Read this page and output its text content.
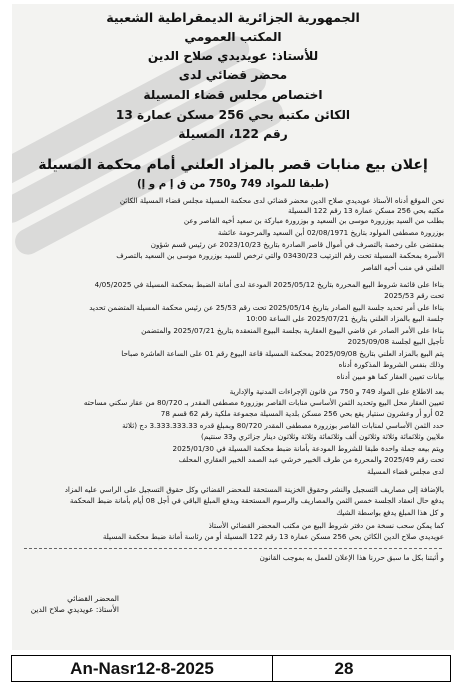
الجمهورية الجزائرية الديمقراطية الشعبية
المكتب العمومي
للأستاذ: عويديدي صلاح الدين
محضر قضائي لدى
اختصاص مجلس قضاء المسيلة
الكائن مكتبه بحي 256 مسكن عمارة 13
رقم 122، المسيلة
إعلان بيع منابات قصر بالمزاد العلني أمام محكمة المسيلة
(طبقا للمواد 749 و750 من ق إ م و إ)
نحن الموقع أدناه الأستاذ عويديدي صلاح الدين محضر قضائي لدى محكمة المسيلة مجلس قضاء المسيلة الكائن
مكتبه بحي 256 مسكن عمارة 13 رقم 122 المسيلة
بطلب من السيد بوزرورة موسى بن السعيد و بوزرورة مباركة بن سعيد أخيه القاصر وعن
بوزرورة مصطفى المولود بتاريخ 02/08/1971 أبن السعيد والمرحومة عائشة
بمقتضى على رخصة بالتصرف في أموال قاصر الصادرة بتاريخ 2023/10/23 عن رئيس قسم شؤون
الأسرة بمحكمة المسيلة تحت رقم الترتيب 03430/23 والتي ترخص للسيد بوزرورة موسى بن السعيد بالتصرف
العلني في منب أخيه القاصر
بناءا على قائمة شروط البيع المحررة بتاريخ 2025/05/12 المودعة لدى أمانة الضبط بمحكمة المسيلة في 4/05/2025
تحت رقم 2025/53
بناءا على أمر تحديد جلسة البيع الصادر بتاريخ 2025/05/14 تحت رقم 25/53 عن رئيس محكمة المسيلة المتضمن تحديد
جلسة البيع بالمزاد العلني بتاريخ 2025/07/21 على الساعة 10:00
بناءا على الأمر الصادر عن قاضي البيوع العقارية بجلسة البيوع المنعقدة بتاريخ 2025/07/21 والمتضمن
تأجيل البيع لجلسة 2025/09/08
يتم البيع بالمزاد العلني بتاريخ 2025/09/08 بمحكمة المسيلة قاعة البيوع رقم 01 على الساعة العاشرة صباحا
وذلك بنفس الشروط المذكورة أدناه
بيانات تعيين العقار كما هو مبين أدناه
بعد الاطلاع على المواد 749 و 750 من قانون الإجراءات المدنية والإدارية
تعيين العقار محل البيع وتحديد الثمن الأساسي منابات القاصر بوزرورة مصطفى المقدر بـ 80/720 من عقار سكني مساحته
02 أرو أر وعشرون سنتيار يقع بحي 256 مسكن بلدية المسيلة مجموعة ملكية رقم 62 قسم 78
حدد الثمن الأساسي لمنابات القاصر بوزرورة مصطفى المقدر 80/720 وبمبلغ قدره 3.333.333.33 دج (ثلاثة
ملايين وثلاثمائة وثلاثة وثلاثون ألف وثلاثمائة وثلاثة وثلاثون دينار جزائري و33 سنتيم)
ويتم بيعه جملة واحدة طبقا للشروط المودعة بأمانة ضبط محكمة المسيلة في 2025/01/30
تحت رقم 2025/49 والمحررة من طرف الخبير خرشي عبد الصمد الخبير العقاري المحلف
لدى مجلس قضاء المسيلة
بالإضافة إلى مصاريف التسجيل والنشر وحقوق الخزينة المستحقة للمحضر القضائي وكل حقوق التسجيل على الراسي عليه المزاد
يدفع حال انعقاد الجلسة خمس الثمن والمصاريف والرسوم المستحقة ويدفع المبلغ الباقي في أجل 08 أيام بأمانة ضبط المحكمة
و كل هذا المبلغ يدفع بواسطة الشيك
كما يمكن سحب نسخة من دفتر شروط البيع من مكتب المحضر القضائي الأستاذ
عويديدي صلاح الدين الكائن بحي 256 مسكن عمارة 13 رقم 122 المسيلة أو من رئاسة أمانة ضبط محكمة المسيلة
و أثبتنا بكل ما سبق حررنا هذا الإعلان للعمل به بموجب القانون
المحضر القضائي
الأستاذ: عويديدي صلاح الدين
An-Nasr12-8-2025	28
